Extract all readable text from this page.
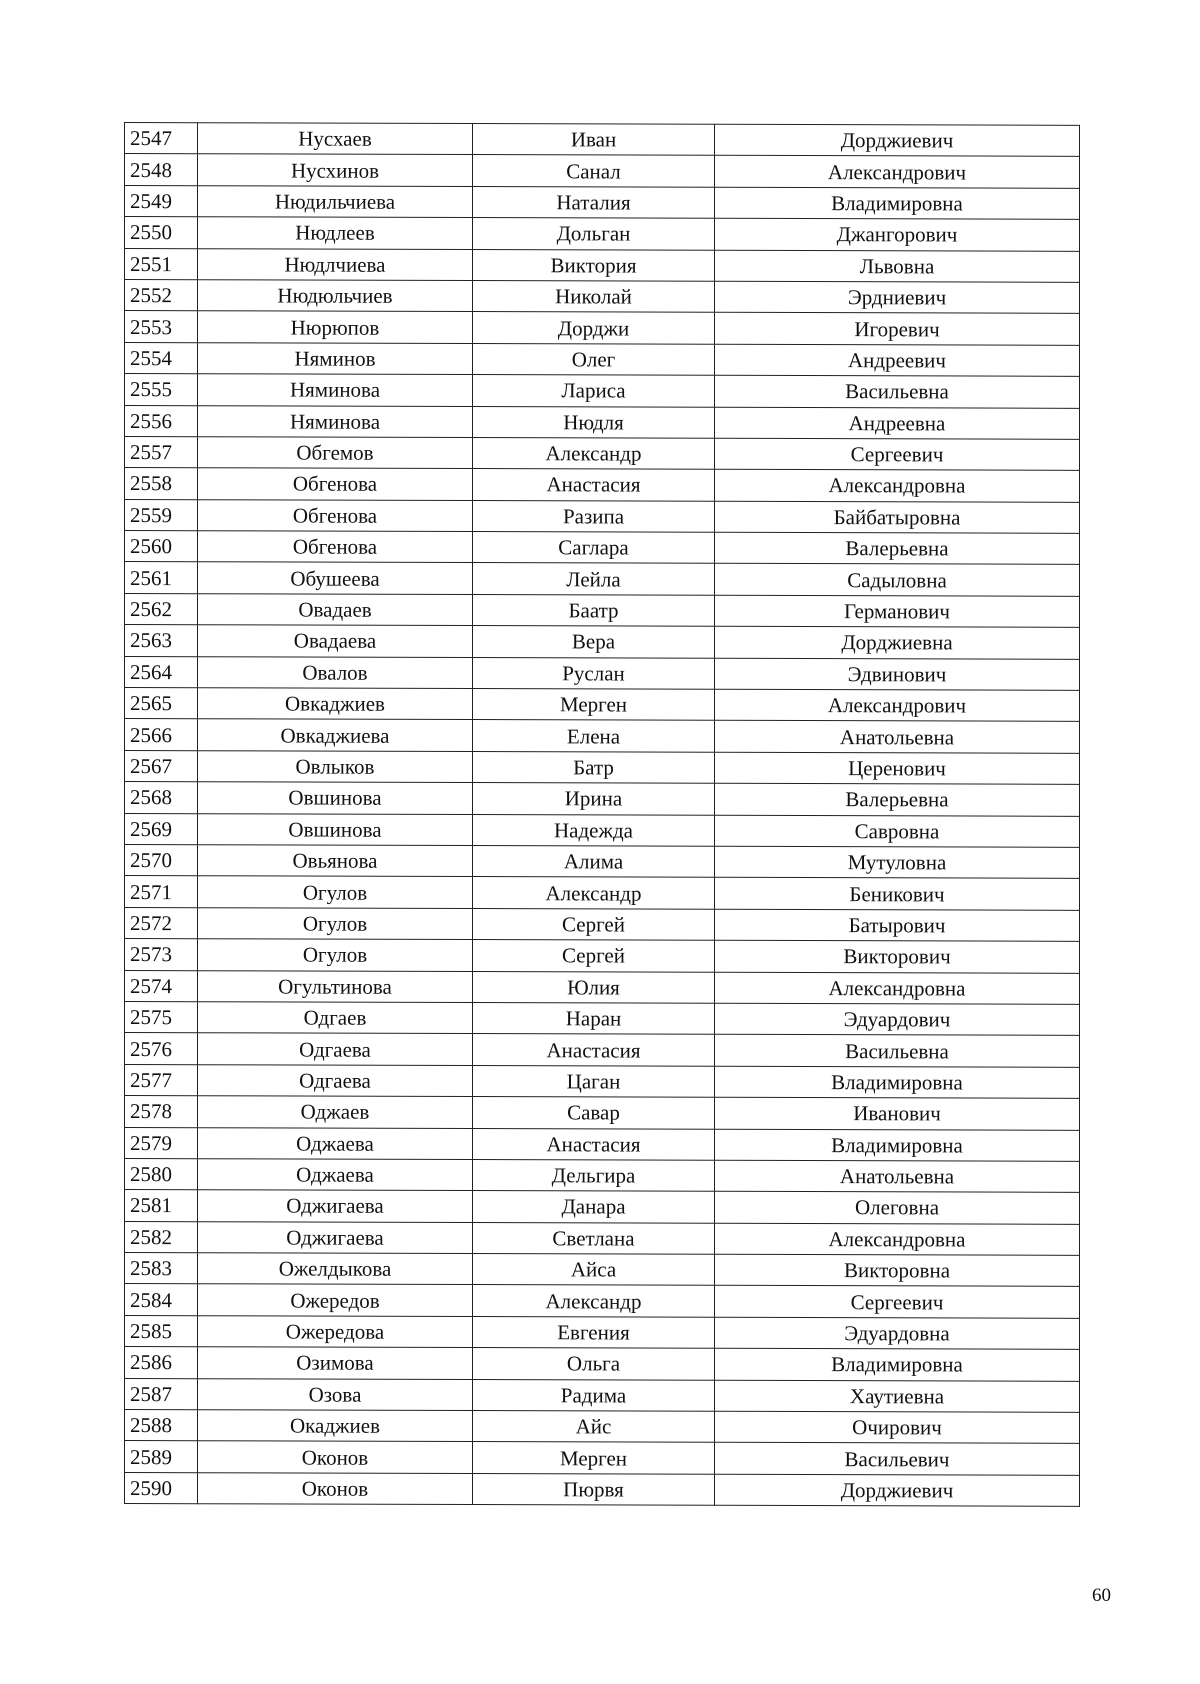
2547	Нусхаев	Иван	Дорджиевич
2548	Нусхинов	Санал	Александрович
2549	Нюдильчиева	Наталия	Владимировна
2550	Нюдлеев	Дольган	Джангорович
2551	Нюдлчиева	Виктория	Львовна
2552	Нюдюльчиев	Николай	Эрдниевич
2553	Нюрюпов	Дорджи	Игоревич
2554	Няминов	Олег	Андреевич
2555	Няминова	Лариса	Васильевна
2556	Няминова	Нюдля	Андреевна
2557	Обгемов	Александр	Сергеевич
2558	Обгенова	Анастасия	Александровна
2559	Обгенова	Разипа	Байбатыровна
2560	Обгенова	Саглара	Валерьевна
2561	Обушеева	Лейла	Садыловна
2562	Овадаев	Баатр	Германович
2563	Овадаева	Вера	Дорджиевна
2564	Овалов	Руслан	Эдвинович
2565	Овкаджиев	Мерген	Александрович
2566	Овкаджиева	Елена	Анатольевна
2567	Овлыков	Батр	Церенович
2568	Овшинова	Ирина	Валерьевна
2569	Овшинова	Надежда	Савровна
2570	Овьянова	Алима	Мутуловна
2571	Огулов	Александр	Беникович
2572	Огулов	Сергей	Батырович
2573	Огулов	Сергей	Викторович
2574	Огультинова	Юлия	Александровна
2575	Одгаев	Наран	Эдуардович
2576	Одгаева	Анастасия	Васильевна
2577	Одгаева	Цаган	Владимировна
2578	Оджаев	Савар	Иванович
2579	Оджаева	Анастасия	Владимировна
2580	Оджаева	Дельгира	Анатольевна
2581	Оджигаева	Данара	Олеговна
2582	Оджигаева	Светлана	Александровна
2583	Ожелдыкова	Айса	Викторовна
2584	Ожередов	Александр	Сергеевич
2585	Ожередова	Евгения	Эдуардовна
2586	Озимова	Ольга	Владимировна
2587	Озова	Радима	Хаутиевна
2588	Окаджиев	Айс	Очирович
2589	Оконов	Мерген	Васильевич
2590	Оконов	Пюрвя	Дорджиевич
60
